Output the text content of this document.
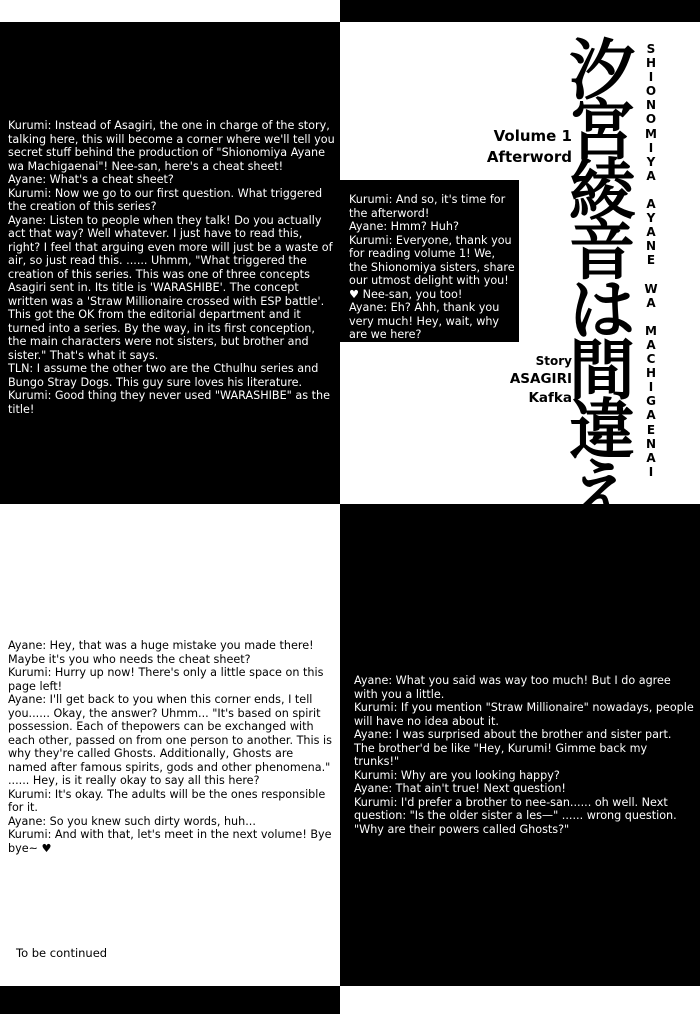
汐
宮
綾
音
は
間
違
え
な
い。
S
H
I
O
N
O
M
I
Y
A

A
Y
A
N
E

W
A

M
A
C
H
I
G
A
E
N
A
I
Volume 1
Afterword
Story
ASAGIRI
Kafka

Kurumi: And so, it's time for the afterword!

Ayane: Hmm? Huh?

Kurumi: Everyone, thank you for reading volume 1! We, the Shionomiya sisters, share our utmost delight with you!

♥ Nee-san, you too!

Ayane: Eh? Ahh, thank you very much! Hey, wait, why are we here?

Kurumi: Instead of Asagiri, the one in charge of the story, talking here, this will become a corner where we'll tell you secret stuff behind the production of "Shionomiya Ayane wa Machigaenai"! Nee-san, here's a cheat sheet!

Ayane: What's a cheat sheet?

Kurumi: Now we go to our first question. What triggered the creation of this series?

Ayane: Listen to people when they talk! Do you actually act that way? Well whatever. I just have to read this, right? I feel that arguing even more will just be a waste of air, so just read this. ...... Uhmm, "What triggered the creation of this series. This was one of three concepts Asagiri sent in. Its title is 'WARASHIBE'. The concept written was a 'Straw Millionaire crossed with ESP battle'. This got the OK from the editorial department and it turned into a series. By the way, in its first conception, the main characters were not sisters, but brother and sister." That's what it says.

TLN: I assume the other two are the Cthulhu series and Bungo Stray Dogs. This guy sure loves his literature.

Kurumi: Good thing they never used "WARASHIBE" as the title!

Ayane: What you said was way too much! But I do agree with you a little.

Kurumi: If you mention "Straw Millionaire" nowadays, people will have no idea about it.

Ayane: I was surprised about the brother and sister part. The brother'd be like "Hey, Kurumi! Gimme back my trunks!"

Kurumi: Why are you looking happy?

Ayane: That ain't true! Next question!

Kurumi: I'd prefer a brother to nee-san...... oh well. Next question: "Is the older sister a les—" ...... wrong question. "Why are their powers called Ghosts?"

Ayane: Hey, that was a huge mistake you made there! Maybe it's you who needs the cheat sheet?

Kurumi: Hurry up now! There's only a little space on this page left!

Ayane: I'll get back to you when this corner ends, I tell you...... Okay, the answer? Uhmm... "It's based on spirit possession. Each of thepowers can be exchanged with each other, passed on from one person to another. This is why they're called Ghosts. Additionally, Ghosts are named after famous spirits, gods and other phenomena." ...... Hey, is it really okay to say all this here?

Kurumi: It's okay. The adults will be the ones responsible for it.

Ayane: So you knew such dirty words, huh...

Kurumi: And with that, let's meet in the next volume! Bye bye~ ♥

To be continued
